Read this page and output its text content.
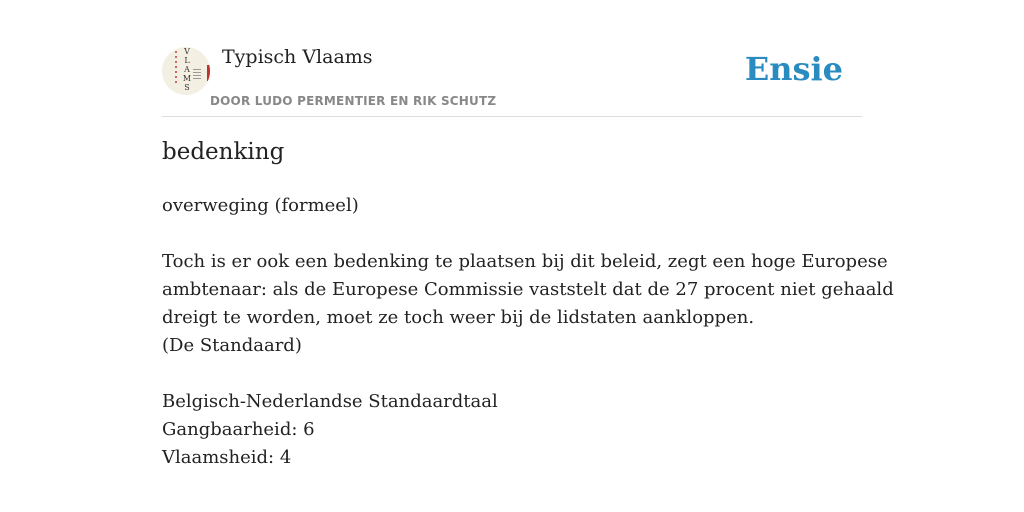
V
L
A
M
S
Typisch Vlaams
DOOR LUDO PERMENTIER EN RIK SCHUTZ
Ensie
bedenking
overweging (formeel)
Toch is er ook een bedenking te plaatsen bij dit beleid, zegt een hoge Europese
ambtenaar: als de Europese Commissie vaststelt dat de 27 procent niet gehaald
dreigt te worden, moet ze toch weer bij de lidstaten aankloppen.
(De Standaard)
Belgisch-Nederlandse Standaardtaal
Gangbaarheid: 6
Vlaamsheid: 4
